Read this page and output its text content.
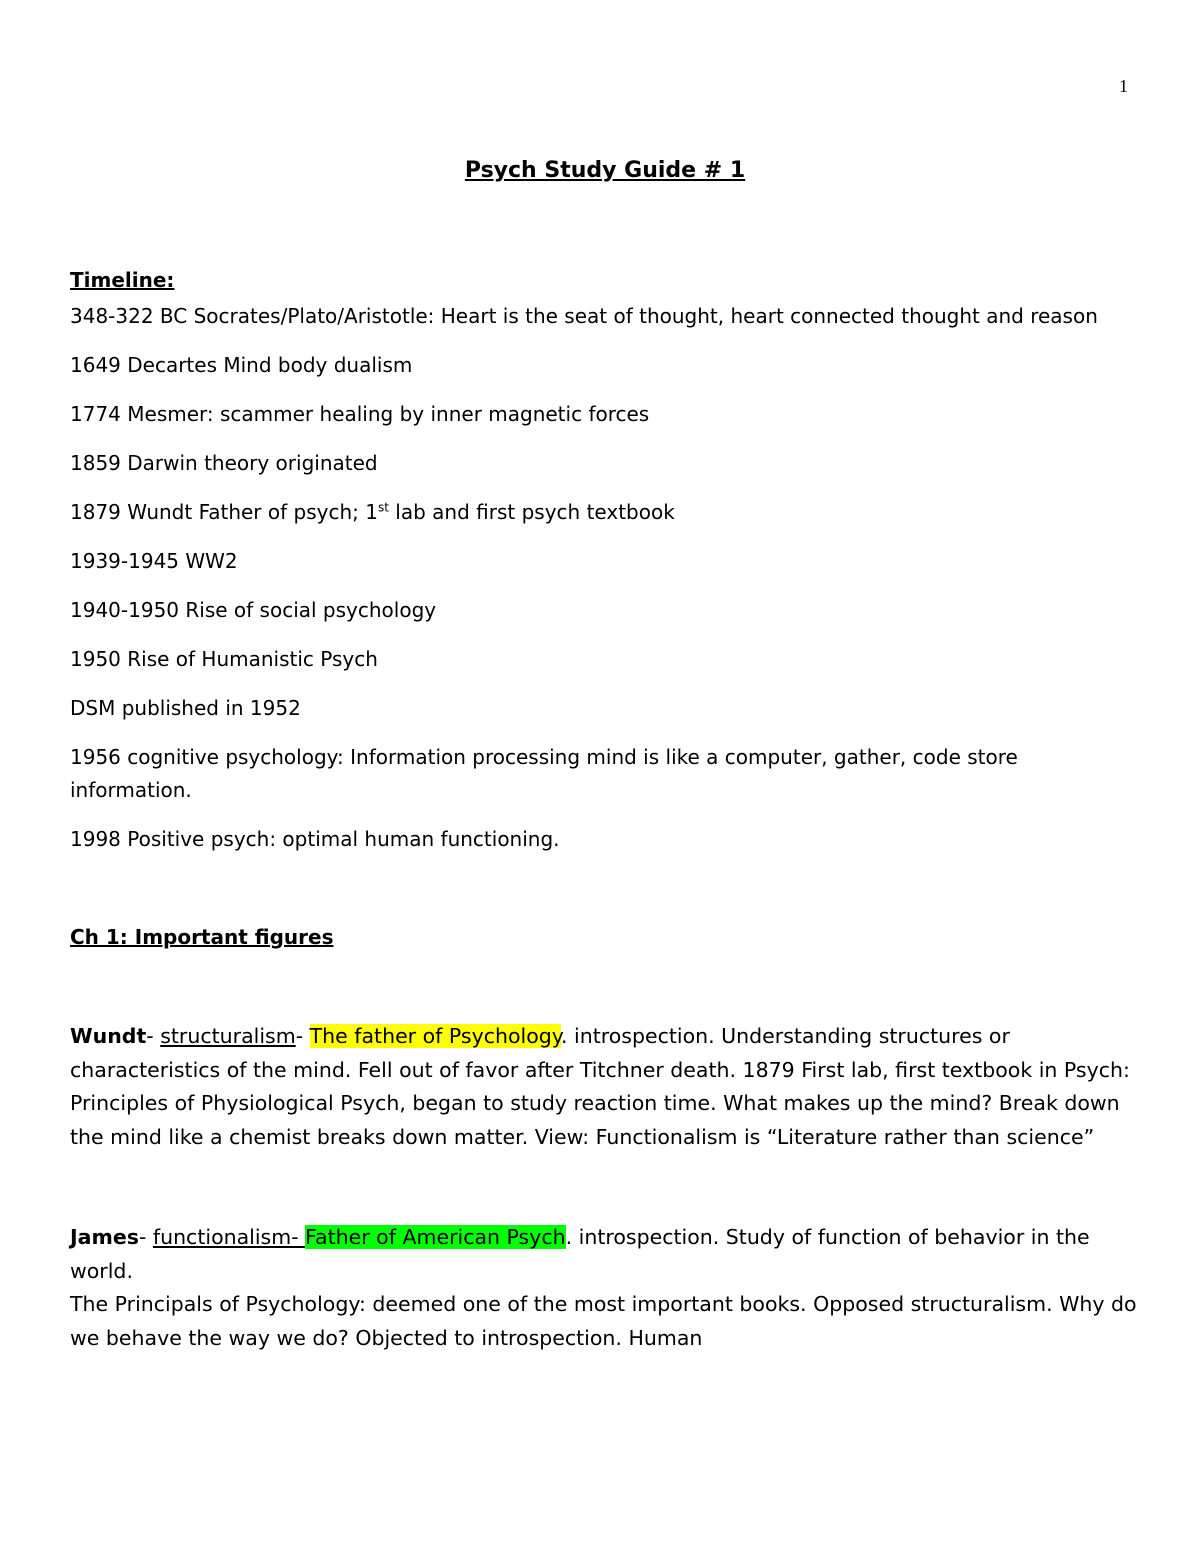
1
Psych Study Guide # 1
Timeline:
348-322 BC Socrates/Plato/Aristotle: Heart is the seat of thought, heart connected thought and reason
1649 Decartes Mind body dualism
1774 Mesmer: scammer healing by inner magnetic forces
1859 Darwin theory originated
1879 Wundt Father of psych; 1st lab and first psych textbook
1939-1945 WW2
1940-1950 Rise of social psychology
1950 Rise of Humanistic Psych
DSM published in 1952
1956 cognitive psychology: Information processing mind is like a computer, gather, code store information.
1998 Positive psych: optimal human functioning.
Ch 1: Important figures
Wundt- structuralism- The father of Psychology. introspection. Understanding structures or characteristics of the mind. Fell out of favor after Titchner death. 1879 First lab, first textbook in Psych: Principles of Physiological Psych, began to study reaction time. What makes up the mind? Break down the mind like a chemist breaks down matter. View: Functionalism is “Literature rather than science”
James- functionalism- Father of American Psych. introspection. Study of function of behavior in the world.
The Principals of Psychology: deemed one of the most important books. Opposed structuralism. Why do we behave the way we do? Objected to introspection. Human
